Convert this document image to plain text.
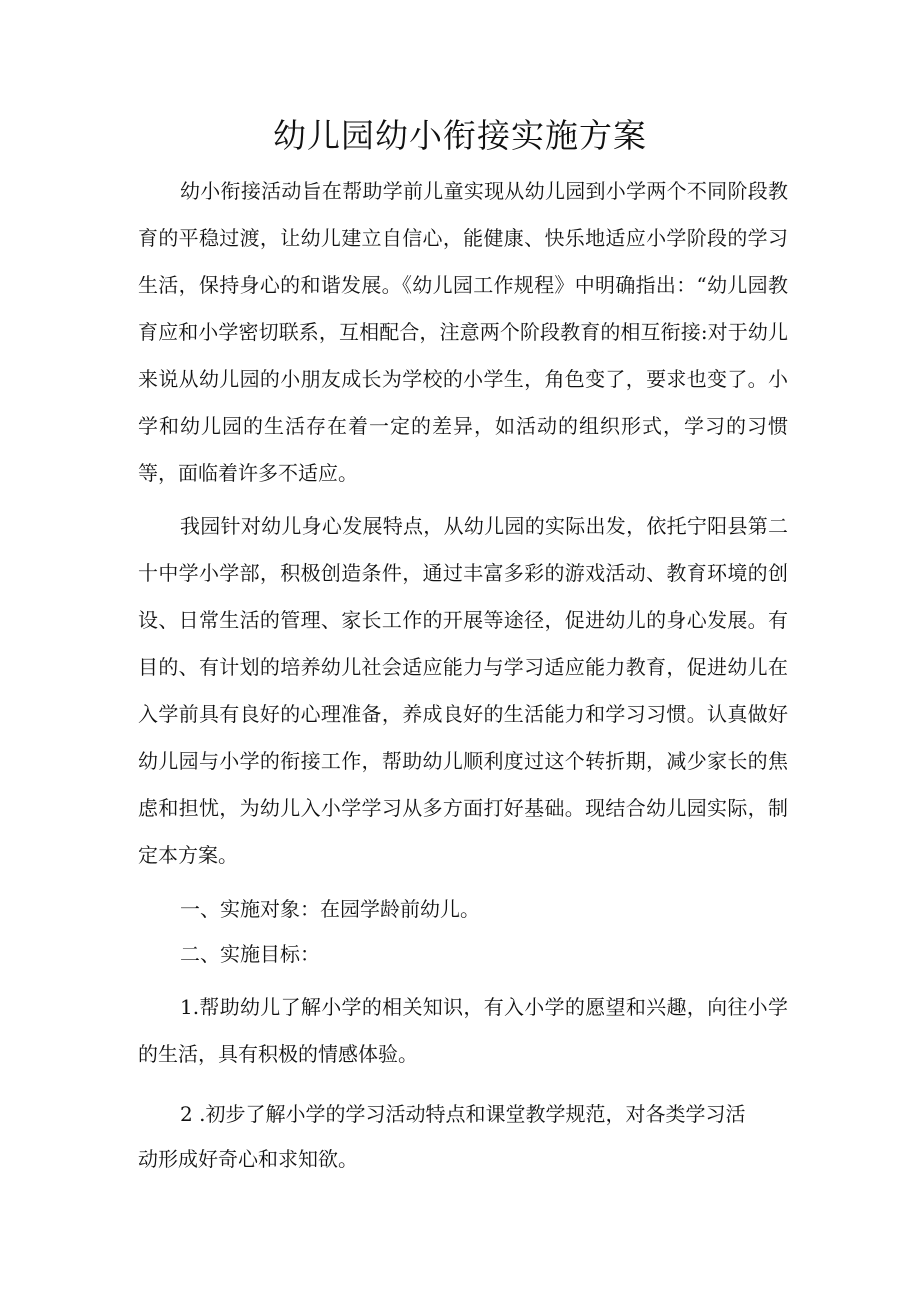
幼儿园幼小衔接实施方案

幼小衔接活动旨在帮助学前儿童实现从幼儿园到小学两个不同阶段教育的平稳过渡，让幼儿建立自信心，能健康、快乐地适应小学阶段的学习生活，保持身心的和谐发展。《幼儿园工作规程》中明确指出：“幼儿园教育应和小学密切联系，互相配合，注意两个阶段教育的相互衔接:对于幼儿来说从幼儿园的小朋友成长为学校的小学生，角色变了，要求也变了。小学和幼儿园的生活存在着一定的差异，如活动的组织形式，学习的习惯等，面临着许多不适应。

我园针对幼儿身心发展特点，从幼儿园的实际出发，依托宁阳县第二十中学小学部，积极创造条件，通过丰富多彩的游戏活动、教育环境的创设、日常生活的管理、家长工作的开展等途径，促进幼儿的身心发展。有目的、有计划的培养幼儿社会适应能力与学习适应能力教育，促进幼儿在入学前具有良好的心理准备，养成良好的生活能力和学习习惯。认真做好幼儿园与小学的衔接工作，帮助幼儿顺利度过这个转折期，减少家长的焦虑和担忧，为幼儿入小学学习从多方面打好基础。现结合幼儿园实际，制定本方案。

一、实施对象：在园学龄前幼儿。

二、实施目标：

1.帮助幼儿了解小学的相关知识，有入小学的愿望和兴趣，向往小学的生活，具有积极的情感体验。

2 .初步了解小学的学习活动特点和课堂教学规范，对各类学习活

动形成好奇心和求知欲。
